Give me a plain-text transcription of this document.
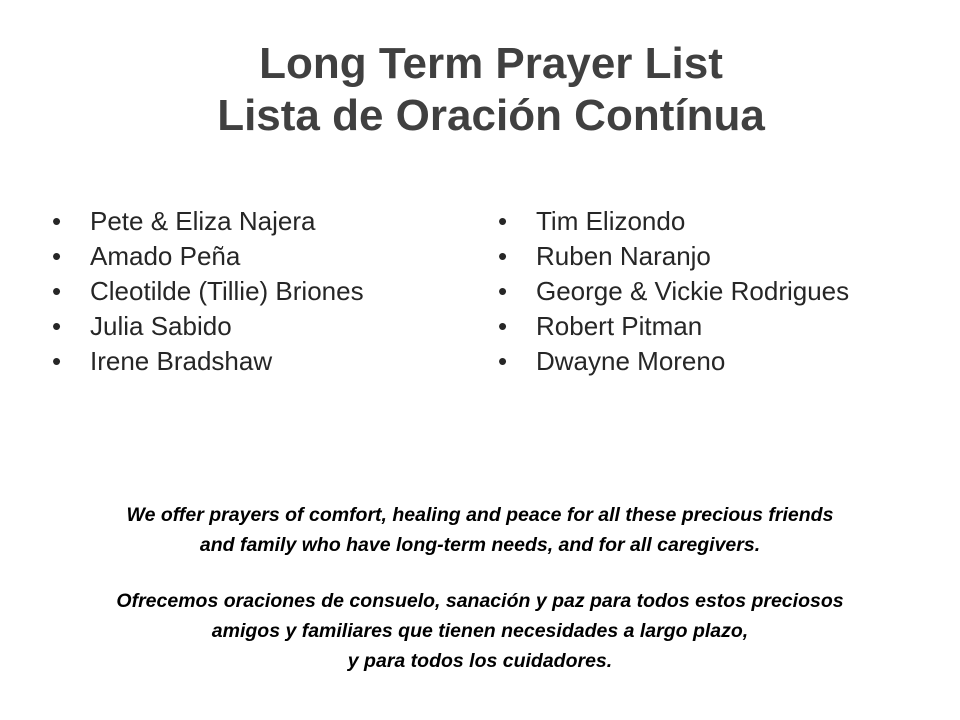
Long Term Prayer List
Lista de Oración Contínua
• Pete & Eliza Najera
• Amado Peña
• Cleotilde (Tillie) Briones
• Julia Sabido
• Irene Bradshaw
• Tim Elizondo
• Ruben Naranjo
• George & Vickie Rodrigues
• Robert Pitman
• Dwayne Moreno
We offer prayers of comfort, healing and peace for all these precious friends
and family who have long-term needs, and for all caregivers.
Ofrecemos oraciones de consuelo, sanación y paz para todos estos preciosos
amigos y familiares que tienen necesidades a largo plazo,
y para todos los cuidadores.
